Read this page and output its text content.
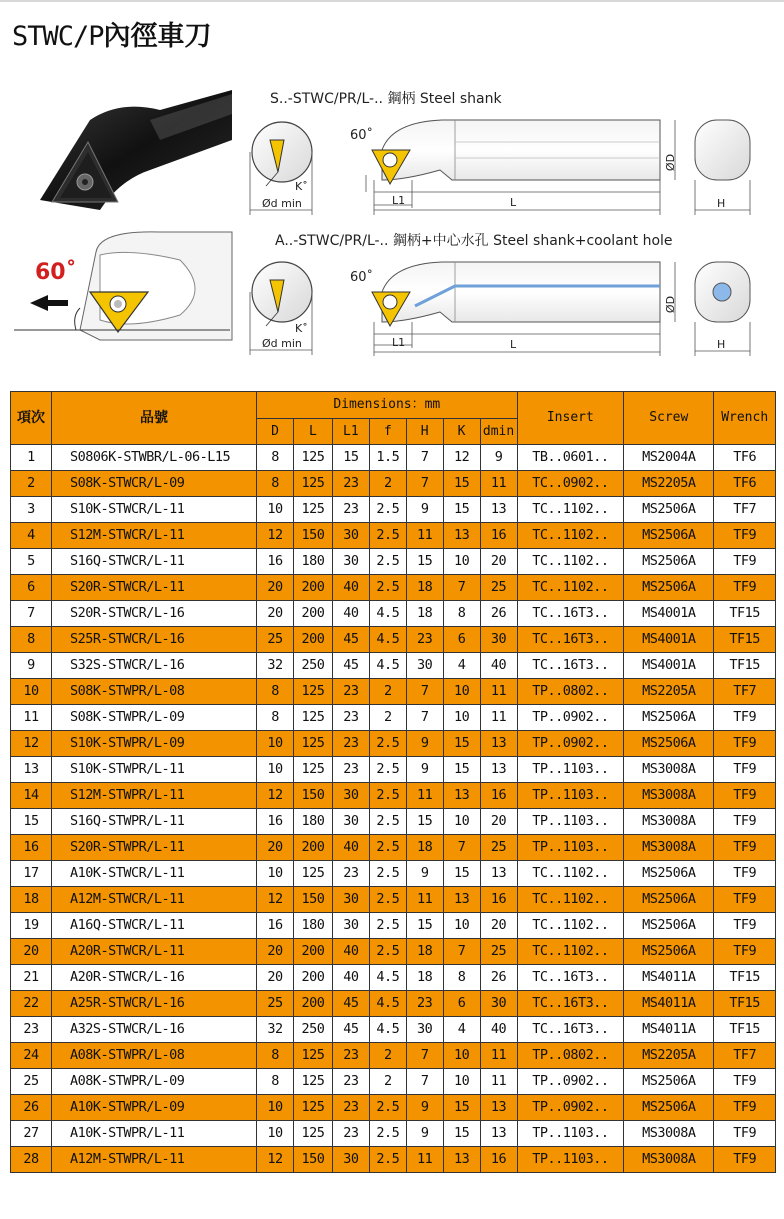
STWC/P內徑車刀
S..-STWC/PR/L-.. 鋼柄 Steel shank
A..-STWC/PR/L-.. 鋼柄+中心水孔 Steel shank+coolant hole
60˚
60˚
60˚
K˚
K˚
Ød min
Ød min
L1
L1
L
L
ØD
ØD
H
H
項次	品號	Dimensions：mm							Insert	Screw	Wrench
		D	L	L1	f	H	K	dmin			
1	S0806K-STWBR/L-06-L15	8	125	15	1.5	7	12	9	TB..0601..	MS2004A	TF6
2	S08K-STWCR/L-09	8	125	23	2	7	15	11	TC..0902..	MS2205A	TF6
3	S10K-STWCR/L-11	10	125	23	2.5	9	15	13	TC..1102..	MS2506A	TF7
4	S12M-STWCR/L-11	12	150	30	2.5	11	13	16	TC..1102..	MS2506A	TF9
5	S16Q-STWCR/L-11	16	180	30	2.5	15	10	20	TC..1102..	MS2506A	TF9
6	S20R-STWCR/L-11	20	200	40	2.5	18	7	25	TC..1102..	MS2506A	TF9
7	S20R-STWCR/L-16	20	200	40	4.5	18	8	26	TC..16T3..	MS4001A	TF15
8	S25R-STWCR/L-16	25	200	45	4.5	23	6	30	TC..16T3..	MS4001A	TF15
9	S32S-STWCR/L-16	32	250	45	4.5	30	4	40	TC..16T3..	MS4001A	TF15
10	S08K-STWPR/L-08	8	125	23	2	7	10	11	TP..0802..	MS2205A	TF7
11	S08K-STWPR/L-09	8	125	23	2	7	10	11	TP..0902..	MS2506A	TF9
12	S10K-STWPR/L-09	10	125	23	2.5	9	15	13	TP..0902..	MS2506A	TF9
13	S10K-STWPR/L-11	10	125	23	2.5	9	15	13	TP..1103..	MS3008A	TF9
14	S12M-STWPR/L-11	12	150	30	2.5	11	13	16	TP..1103..	MS3008A	TF9
15	S16Q-STWPR/L-11	16	180	30	2.5	15	10	20	TP..1103..	MS3008A	TF9
16	S20R-STWPR/L-11	20	200	40	2.5	18	7	25	TP..1103..	MS3008A	TF9
17	A10K-STWCR/L-11	10	125	23	2.5	9	15	13	TC..1102..	MS2506A	TF9
18	A12M-STWCR/L-11	12	150	30	2.5	11	13	16	TC..1102..	MS2506A	TF9
19	A16Q-STWCR/L-11	16	180	30	2.5	15	10	20	TC..1102..	MS2506A	TF9
20	A20R-STWCR/L-11	20	200	40	2.5	18	7	25	TC..1102..	MS2506A	TF9
21	A20R-STWCR/L-16	20	200	40	4.5	18	8	26	TC..16T3..	MS4011A	TF15
22	A25R-STWCR/L-16	25	200	45	4.5	23	6	30	TC..16T3..	MS4011A	TF15
23	A32S-STWCR/L-16	32	250	45	4.5	30	4	40	TC..16T3..	MS4011A	TF15
24	A08K-STWPR/L-08	8	125	23	2	7	10	11	TP..0802..	MS2205A	TF7
25	A08K-STWPR/L-09	8	125	23	2	7	10	11	TP..0902..	MS2506A	TF9
26	A10K-STWPR/L-09	10	125	23	2.5	9	15	13	TP..0902..	MS2506A	TF9
27	A10K-STWPR/L-11	10	125	23	2.5	9	15	13	TP..1103..	MS3008A	TF9
28	A12M-STWPR/L-11	12	150	30	2.5	11	13	16	TP..1103..	MS3008A	TF9
